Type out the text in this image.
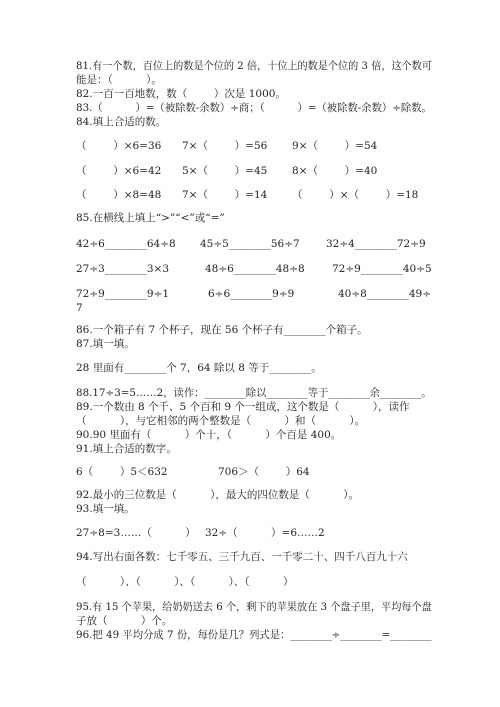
81.有一个数，百位上的数是个位的 2 倍，十位上的数是个位的 3 倍，这个数可
能是：（          ）。
82.一百一百地数，数（        ）次是 1000。
83.（          ）=（被除数-余数）÷商；（          ）=（被除数-余数）÷除数。
84.填上合适的数。
（        ）×6=36 7×（        ）=56 9×（        ）=54
（        ）×6=42 5×（        ）=45 8×（        ）=40
（        ）×8=48 7×（        ）=14 （        ）×（        ）=18
85.在横线上填上“>”“<”或“=”
42÷6________64÷8 45÷5________56÷7	32÷4________72÷9
27÷3________3×3	48÷6________48÷8	72÷9________40÷5
72÷9________9÷1	6÷6________9÷9	40÷8________49÷
7
86.一个箱子有 7 个杯子，现在 56 个杯子有________个箱子。
87.填一填。
28 里面有________个 7，64 除以 8 等于________。
88.17÷3=5……2，读作：________除以________等于________余________。
89.一个数由 8 个千、5 个百和 9 个一组成，这个数是（          ），读作
（          ），与它相邻的两个整数是（          ）和（          ）。
90.90 里面有（          ）个十，（          ）个百是 400。
91.填上合适的数字。
6（        ）5＜632	706＞（        ）64
92.最小的三位数是（          ），最大的四位数是（          ）。
93.填一填。
27÷8=3……（          ） 32÷（          ）=6……2
94.写出右面各数：七千零五、三千九百、一千零二十、四千八百九十六
（          ）、（          ）、（          ）、（          ）
95.有 15 个苹果，给奶奶送去 6 个，剩下的苹果放在 3 个盘子里，平均每个盘
子放（          ）个。
96.把 49 平均分成 7 份，每份是几？列式是：________÷________=________
